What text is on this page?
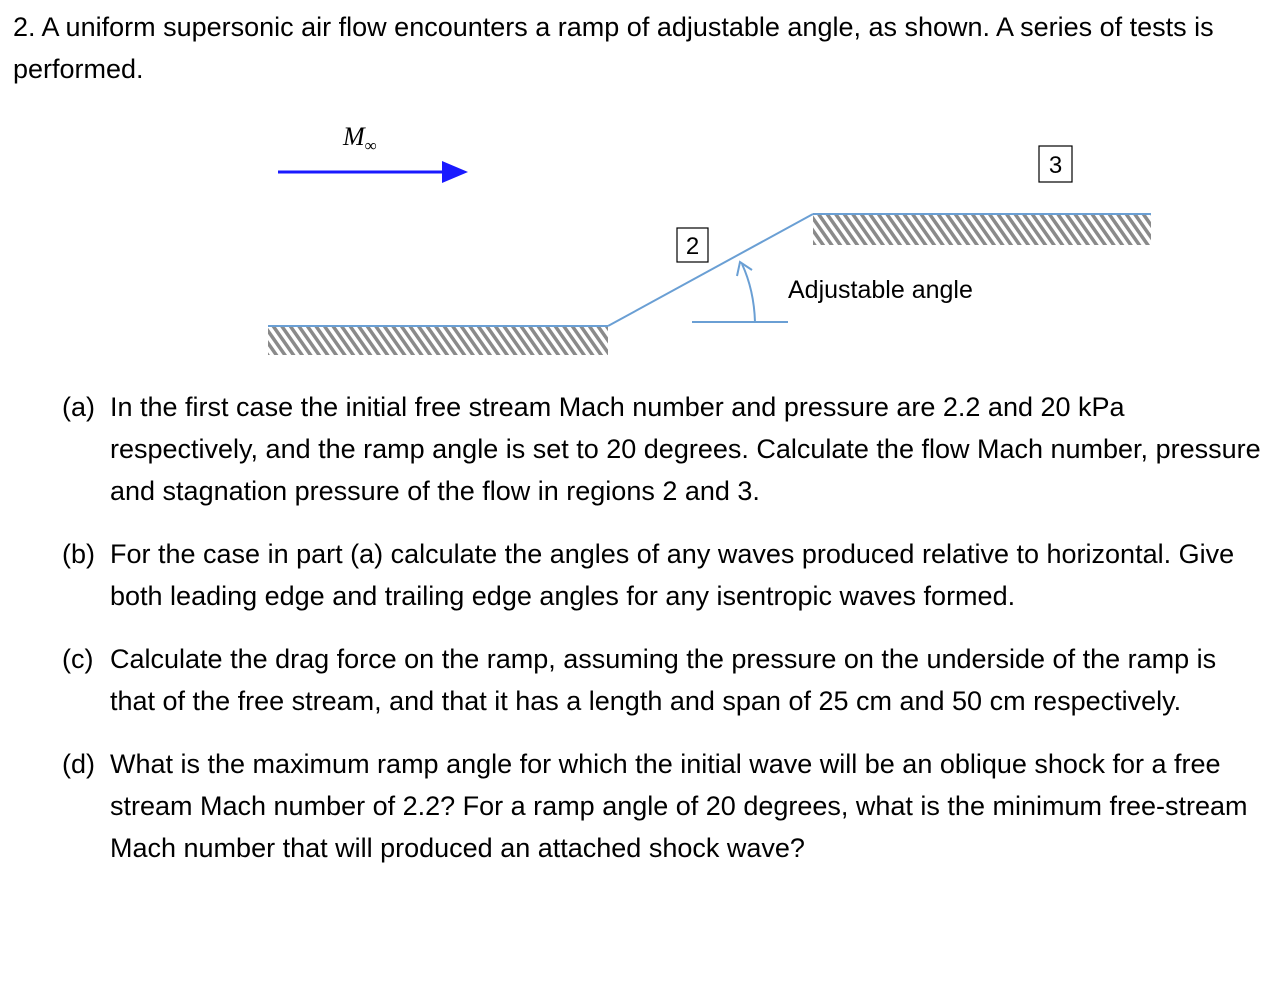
2. A uniform supersonic air flow encounters a ramp of adjustable angle, as shown. A series of tests is performed.

$M_\infty$
2
3
Adjustable angle
(a) In the first case the initial free stream Mach number and pressure are 2.2 and 20 kPa respectively, and the ramp angle is set to 20 degrees. Calculate the flow Mach number, pressure and stagnation pressure of the flow in regions 2 and 3.
(b) For the case in part (a) calculate the angles of any waves produced relative to horizontal. Give both leading edge and trailing edge angles for any isentropic waves formed.
(c) Calculate the drag force on the ramp, assuming the pressure on the underside of the ramp is that of the free stream, and that it has a length and span of 25 cm and 50 cm respectively.
(d) What is the maximum ramp angle for which the initial wave will be an oblique shock for a free stream Mach number of 2.2? For a ramp angle of 20 degrees, what is the minimum free-stream Mach number that will produced an attached shock wave?
